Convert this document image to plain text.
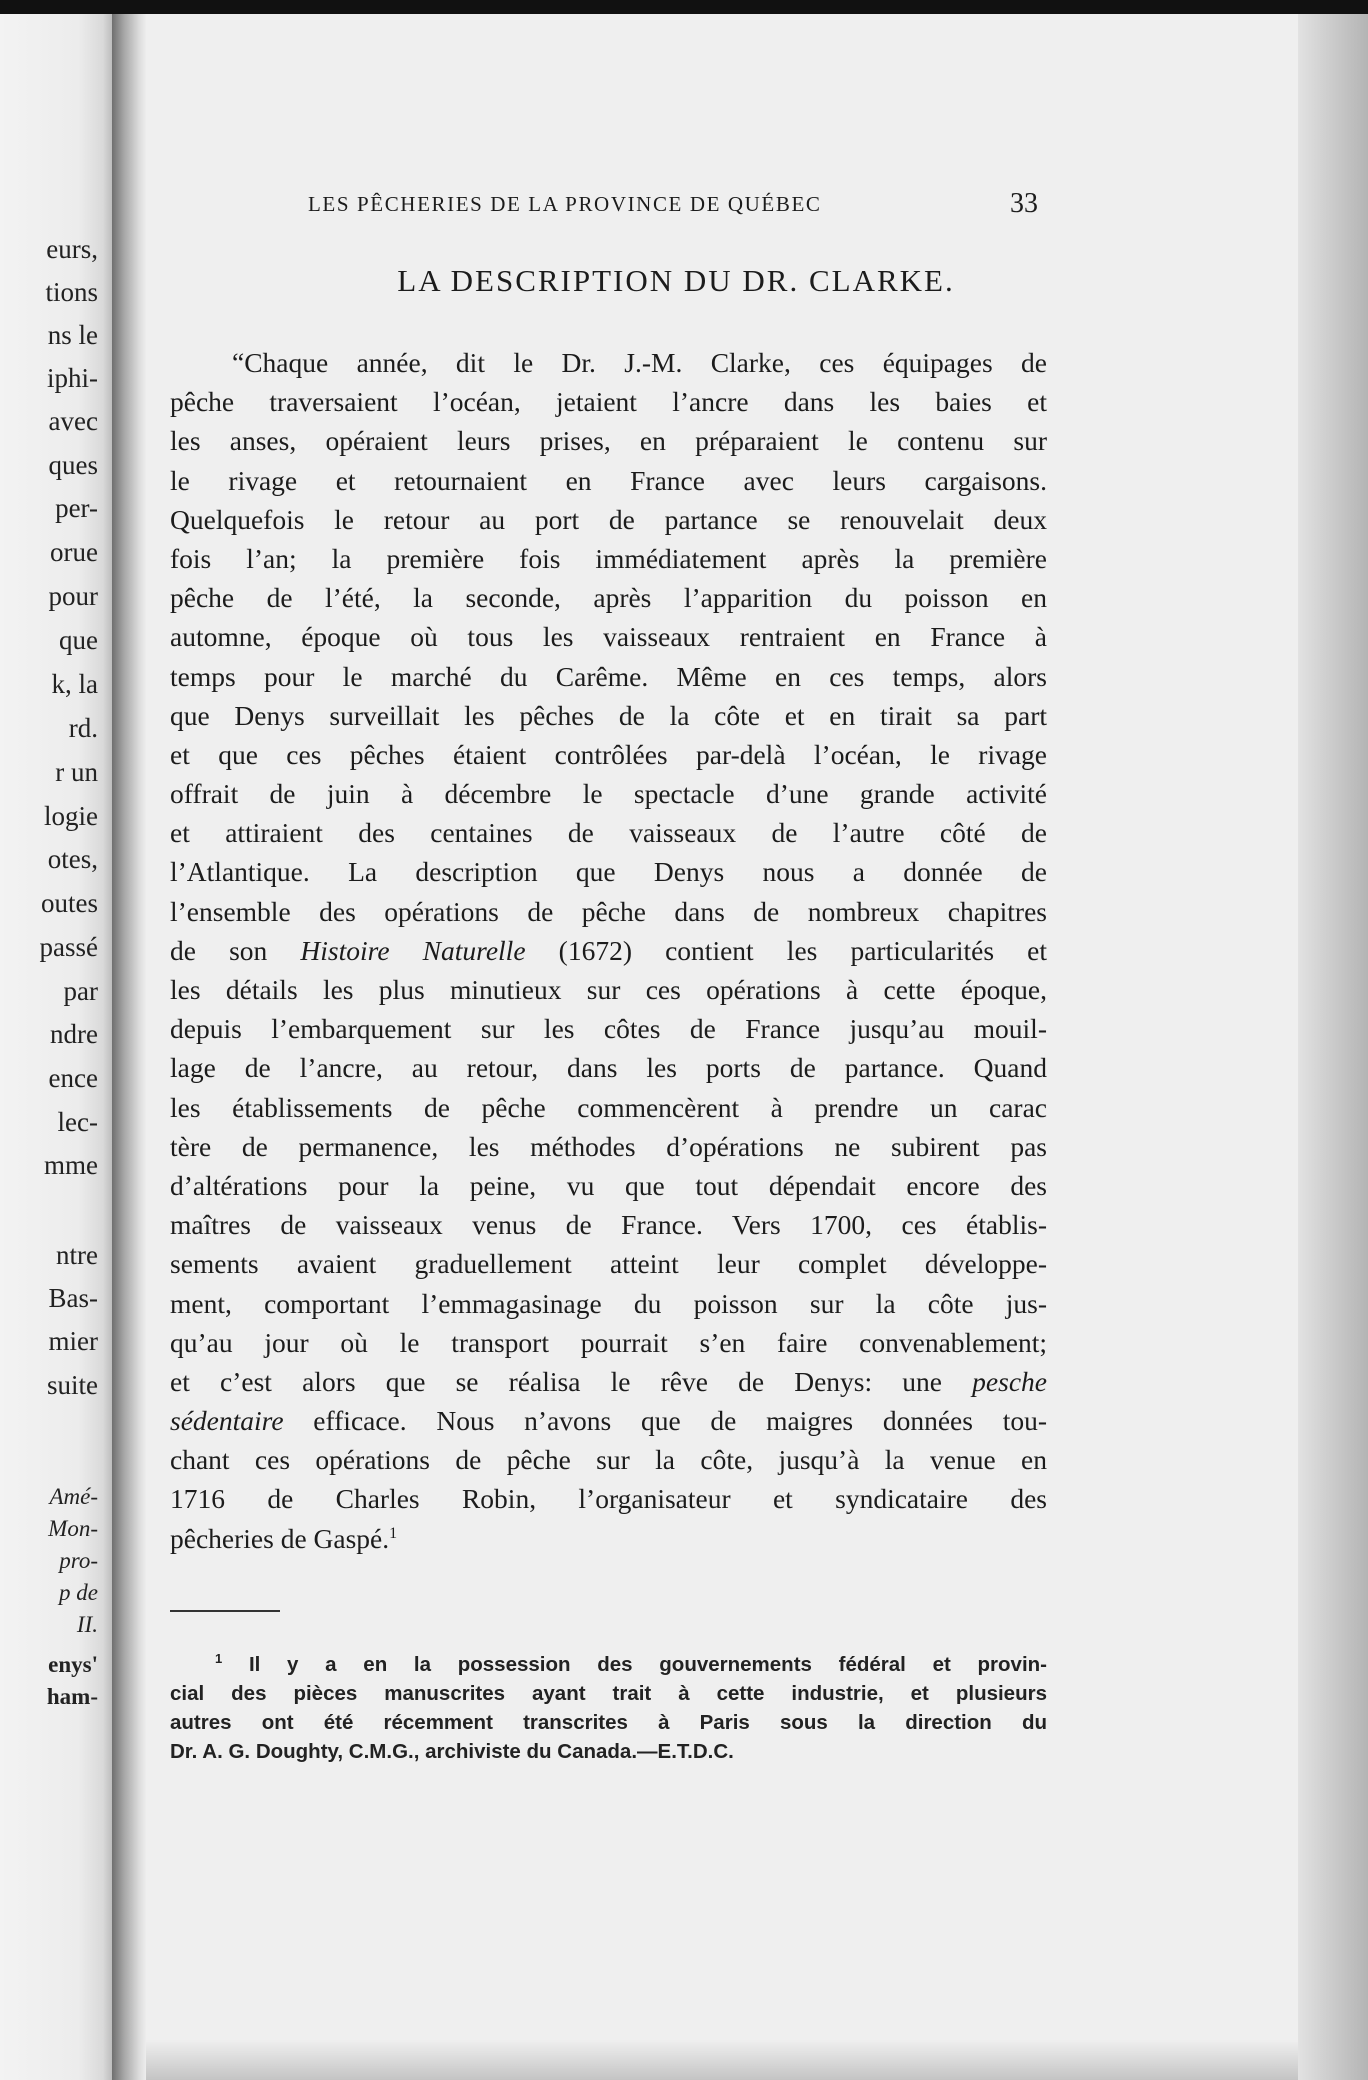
eurs,
tions
ns le
iphi-
avec
ques
per-
orue
pour
que
k, la
rd.
r un
logie
otes,
outes
passé
par
ndre
ence
lec-
mme
ntre
Bas-
mier
suite
Amé-
Mon-
pro-
p de
II.
enys'
ham-
LES PÊCHERIES DE LA PROVINCE DE QUÉBEC	33
LA DESCRIPTION DU DR. CLARKE.
“Chaque année, dit le Dr. J.-M. Clarke, ces équipages de
pêche traversaient l’océan, jetaient l’ancre dans les baies et
les anses, opéraient leurs prises, en préparaient le contenu sur
le rivage et retournaient en France avec leurs cargaisons.
Quelquefois le retour au port de partance se renouvelait deux
fois l’an; la première fois immédiatement après la première
pêche de l’été, la seconde, après l’apparition du poisson en
automne, époque où tous les vaisseaux rentraient en France à
temps pour le marché du Carême. Même en ces temps, alors
que Denys surveillait les pêches de la côte et en tirait sa part
et que ces pêches étaient contrôlées par-delà l’océan, le rivage
offrait de juin à décembre le spectacle d’une grande activité
et attiraient des centaines de vaisseaux de l’autre côté de
l’Atlantique. La description que Denys nous a donnée de
l’ensemble des opérations de pêche dans de nombreux chapitres
de son Histoire Naturelle (1672) contient les particularités et
les détails les plus minutieux sur ces opérations à cette époque,
depuis l’embarquement sur les côtes de France jusqu’au mouil-
lage de l’ancre, au retour, dans les ports de partance. Quand
les établissements de pêche commencèrent à prendre un carac
tère de permanence, les méthodes d’opérations ne subirent pas
d’altérations pour la peine, vu que tout dépendait encore des
maîtres de vaisseaux venus de France. Vers 1700, ces établis-
sements avaient graduellement atteint leur complet développe-
ment, comportant l’emmagasinage du poisson sur la côte jus-
qu’au jour où le transport pourrait s’en faire convenablement;
et c’est alors que se réalisa le rêve de Denys: une pesche
sédentaire efficace. Nous n’avons que de maigres données tou-
chant ces opérations de pêche sur la côte, jusqu’à la venue en
1716 de Charles Robin, l’organisateur et syndicataire des
pêcheries de Gaspé.$^1$
$^1$ Il y a en la possession des gouvernements fédéral et provin-
cial des pièces manuscrites ayant trait à cette industrie, et plusieurs
autres ont été récemment transcrites à Paris sous la direction du
Dr. A. G. Doughty, C.M.G., archiviste du Canada.—E.T.D.C.
